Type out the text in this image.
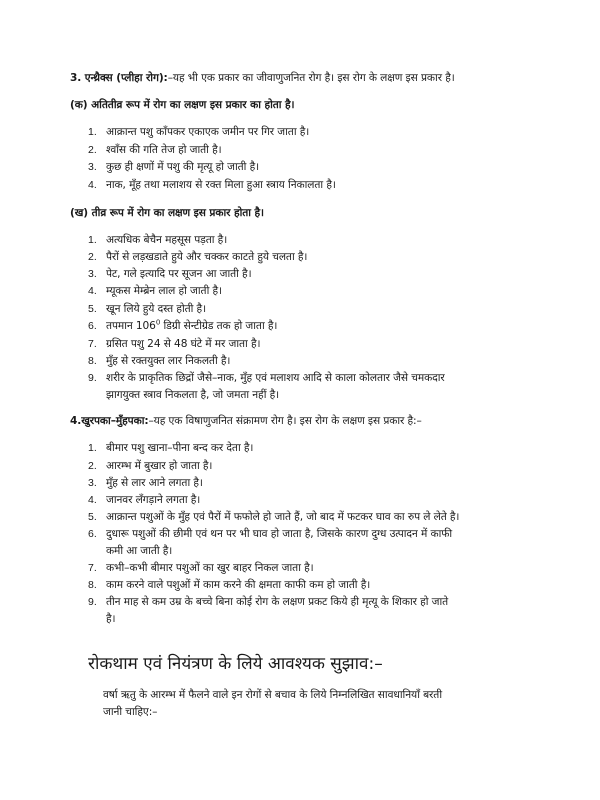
3. एन्थ्रैक्स (प्लीहा रोग):–यह भी एक प्रकार का जीवाणुजनित रोग है। इस रोग के लक्षण इस प्रकार है।
(क) अतितीव्र रूप में रोग का लक्षण इस प्रकार का होता है।
1. आक्रान्त पशु कॉंपकर एकाएक जमीन पर गिर जाता है।
2. श्वॉंस की गति तेज हो जाती है।
3. कुछ ही क्षणों में पशु की मृत्यू हो जाती है।
4. नाक, मूँह तथा मलाशय से रक्त मिला हुआ स्त्राय निकालता है।
(ख) तीव्र रूप में रोग का लक्षण इस प्रकार होता है।
1. अत्यधिक बेचैन महसूस पड़ता है।
2. पैरों से लड़खडाते हुये और चक्कर काटते हुये चलता है।
3. पेट, गले इत्यादि पर सूजन आ जाती है।
4. म्यूकस मेम्ब्रेन लाल हो जाती है।
5. खून लिये हुये दस्त होती है।
6. तपमान $106^0$ डिग्री सेन्टीग्रेड तक हो जाता है।
7. ग्रसित पशु 24 से 48 घंटे में मर जाता है।
8. मुँह से रक्तयुक्त लार निकलती है।
9. शरीर के प्राकृतिक छिद्रों जैसे–नाक, मुँह एवं मलाशय आदि से काला कोलतार जैसे चमकदार
झागयुक्त स्त्राव निकलता है, जो जमता नहीं है।
4.खुरपका–मुँहपका:–यह एक विषाणुजनित संक्रामण रोग है। इस रोग के लक्षण इस प्रकार है:–
1. बीमार पशु खाना–पीना बन्द कर देता है।
2. आरम्भ में बुखार हो जाता है।
3. मुँह से लार आने लगता है।
4. जानवर लँगड़ाने लगता है।
5. आक्रान्त पशुओं के मुँह एवं पैरों में फफोले हो जाते हैं, जो बाद में फटकर घाव का रुप ले लेते है।
6. दुधारू पशुओं की छीमी एवं थन पर भी घाव हो जाता है, जिसके कारण दुग्ध उत्पादन में काफी
कमी आ जाती है।
7. कभी–कभी बीमार पशुओं का खुर बाहर निकल जाता है।
8. काम करने वाले पशुओं में काम करने की क्षमता काफी कम हो जाती है।
9. तीन माह से कम उम्र के बच्चे बिना कोई रोग के लक्षण प्रकट किये ही मृत्यू के शिकार हो जाते
है।
रोकथाम एवं नियंत्रण के लिये आवश्यक सुझाव:–
वर्षा ऋतु के आरम्भ में फैलने वाले इन रोगों से बचाव के लिये निम्नलिखित सावधानियॉं बरती
जानी चाहिए:–
